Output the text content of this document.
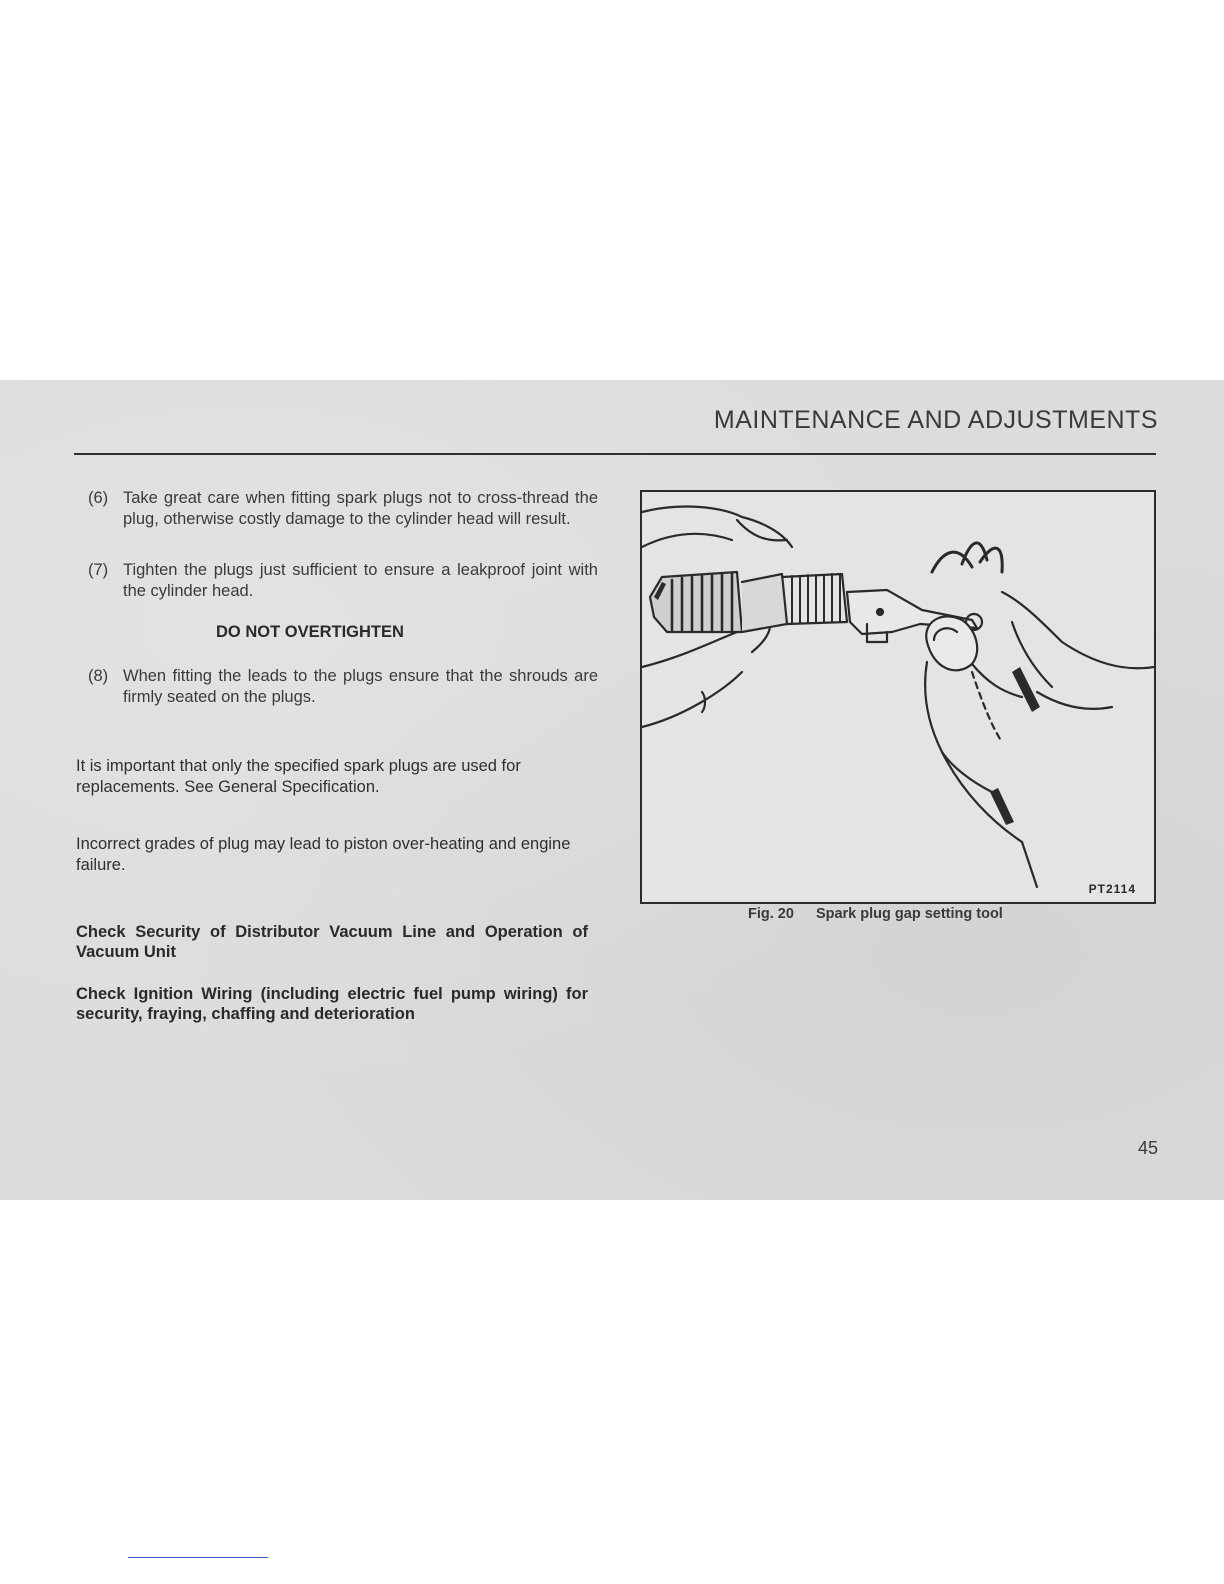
MAINTENANCE AND ADJUSTMENTS
(6) Take great care when fitting spark plugs not to cross-thread the plug, otherwise costly damage to the cylinder head will result.
(7) Tighten the plugs just sufficient to ensure a leakproof joint with the cylinder head.
DO NOT OVERTIGHTEN
(8) When fitting the leads to the plugs ensure that the shrouds are firmly seated on the plugs.
It is important that only the specified spark plugs are used for replacements. See General Specification.
Incorrect grades of plug may lead to piston over-heating and engine failure.
Check Security of Distributor Vacuum Line and Operation of Vacuum Unit
Check Ignition Wiring (including electric fuel pump wiring) for security, fraying, chaffing and deterioration
PT2114
Fig. 20 Spark plug gap setting tool
45
